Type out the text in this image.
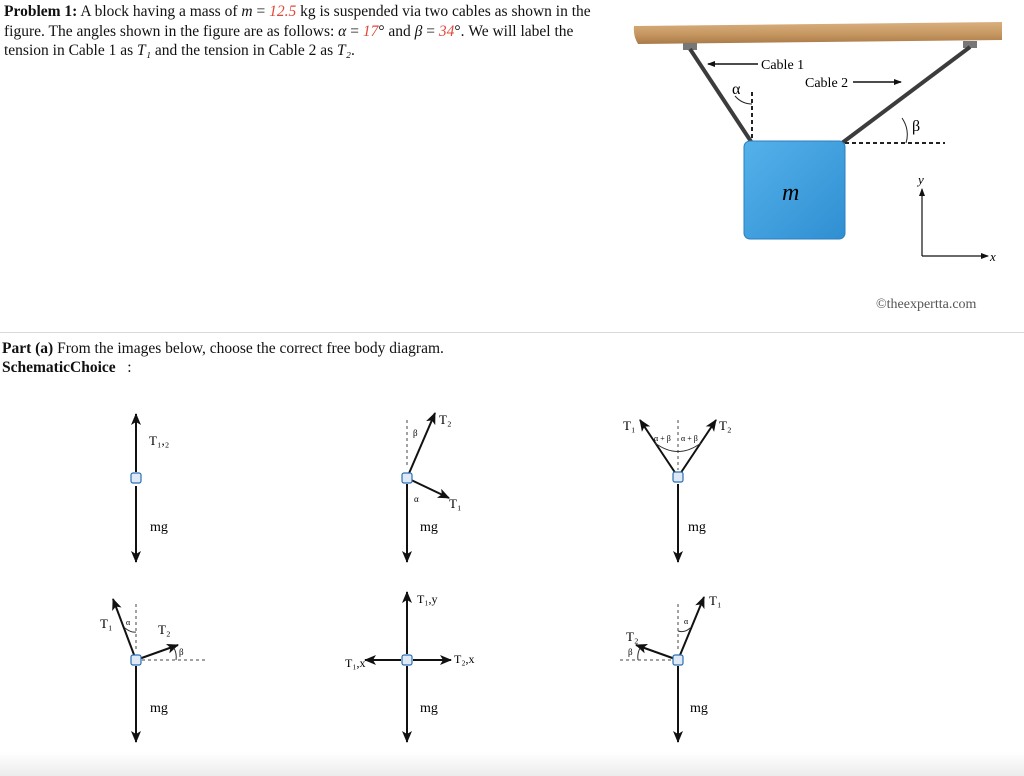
Problem 1: A block having a mass of m = 12.5 kg is suspended via two cables as shown in the figure. The angles shown in the figure are as follows: α = 17° and β = 34°. We will label the tension in Cable 1 as T₁ and the tension in Cable 2 as T₂.
α
β
m
Cable 1
Cable 2
y
x
©theexpertta.com
Part (a) From the images below, choose the correct free body diagram.
SchematicChoice :
T₁,₂
mg
T₂
T₁
β
α
mg
T₁	T₂
α + β α + β
mg
T₁	T₂
α
β
mg
T₁,y
T₁,x	T₂,x
mg
T₁
T₂
α
β
mg
